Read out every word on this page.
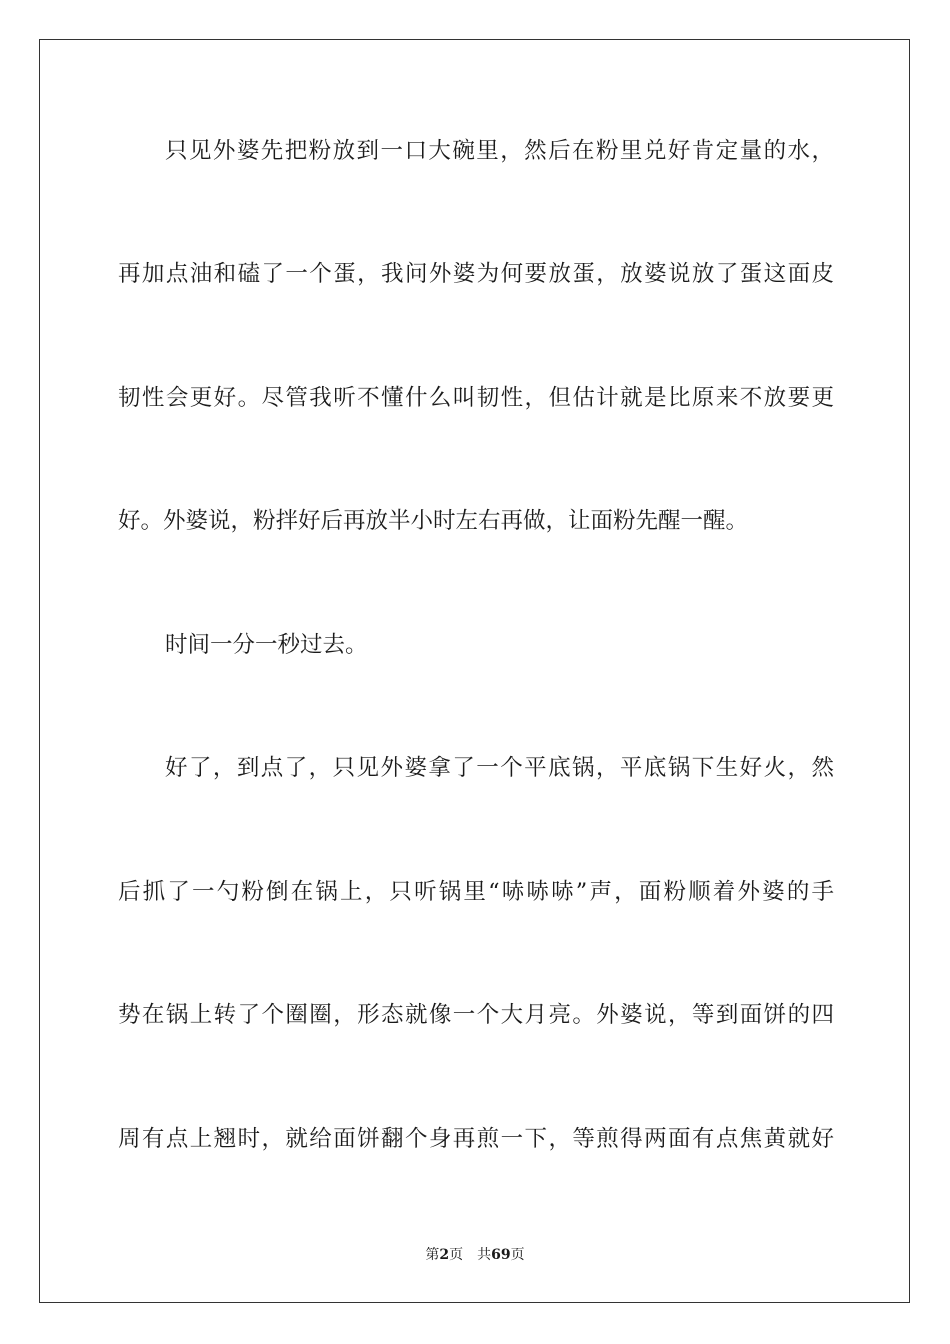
只见外婆先把粉放到一口大碗里，然后在粉里兑好肯定量的水，
再加点油和磕了一个蛋，我问外婆为何要放蛋，放婆说放了蛋这面皮
韧性会更好。尽管我听不懂什么叫韧性，但估计就是比原来不放要更
好。外婆说，粉拌好后再放半小时左右再做，让面粉先醒一醒。
时间一分一秒过去。
好了，到点了，只见外婆拿了一个平底锅，平底锅下生好火，然
后抓了一勺粉倒在锅上，只听锅里“哧哧哧”声，面粉顺着外婆的手
势在锅上转了个圈圈，形态就像一个大月亮。外婆说，等到面饼的四
周有点上翘时，就给面饼翻个身再煎一下，等煎得两面有点焦黄就好
第2页 共69页
